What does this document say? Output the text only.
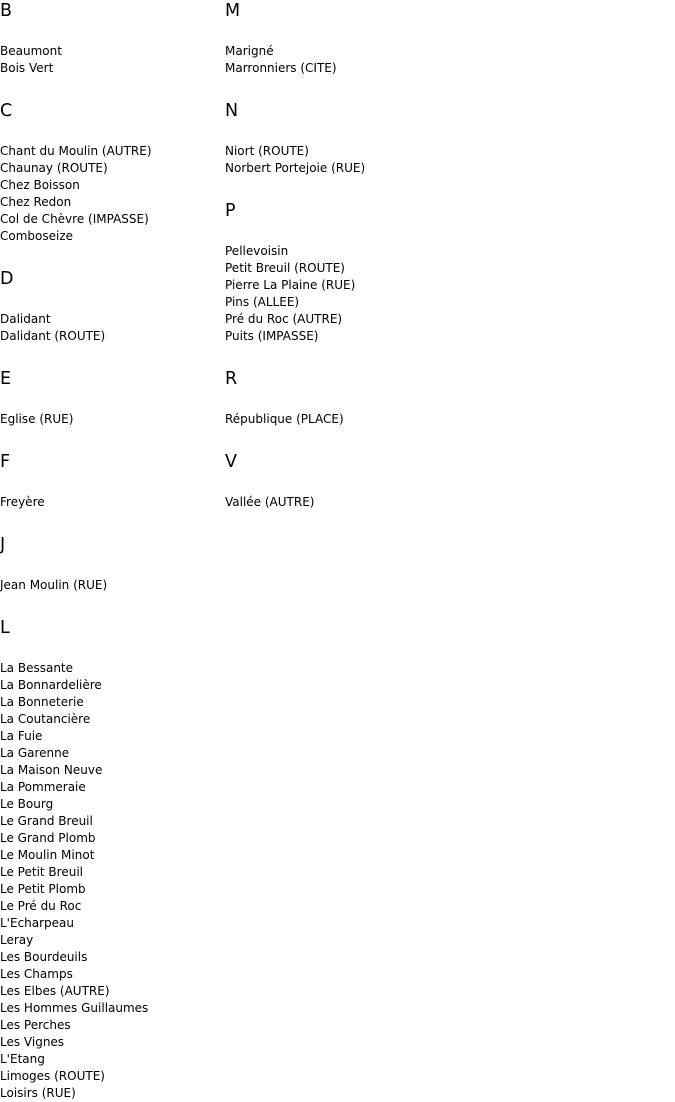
B
Beaumont
Bois Vert
C
Chant du Moulin (AUTRE)
Chaunay (ROUTE)
Chez Boisson
Chez Redon
Col de Chèvre (IMPASSE)
Comboseize
D
Dalidant
Dalidant (ROUTE)
E
Eglise (RUE)
F
Freyère
J
Jean Moulin (RUE)
L
La Bessante
La Bonnardelière
La Bonneterie
La Coutancière
La Fuie
La Garenne
La Maison Neuve
La Pommeraie
Le Bourg
Le Grand Breuil
Le Grand Plomb
Le Moulin Minot
Le Petit Breuil
Le Petit Plomb
Le Pré du Roc
L'Echarpeau
Leray
Les Bourdeuils
Les Champs
Les Elbes (AUTRE)
Les Hommes Guillaumes
Les Perches
Les Vignes
L'Etang
Limoges (ROUTE)
Loisirs (RUE)
M
Marigné
Marronniers (CITE)
N
Niort (ROUTE)
Norbert Portejoie (RUE)
P
Pellevoisin
Petit Breuil (ROUTE)
Pierre La Plaine (RUE)
Pins (ALLEE)
Pré du Roc (AUTRE)
Puits (IMPASSE)
R
République (PLACE)
V
Vallée (AUTRE)
